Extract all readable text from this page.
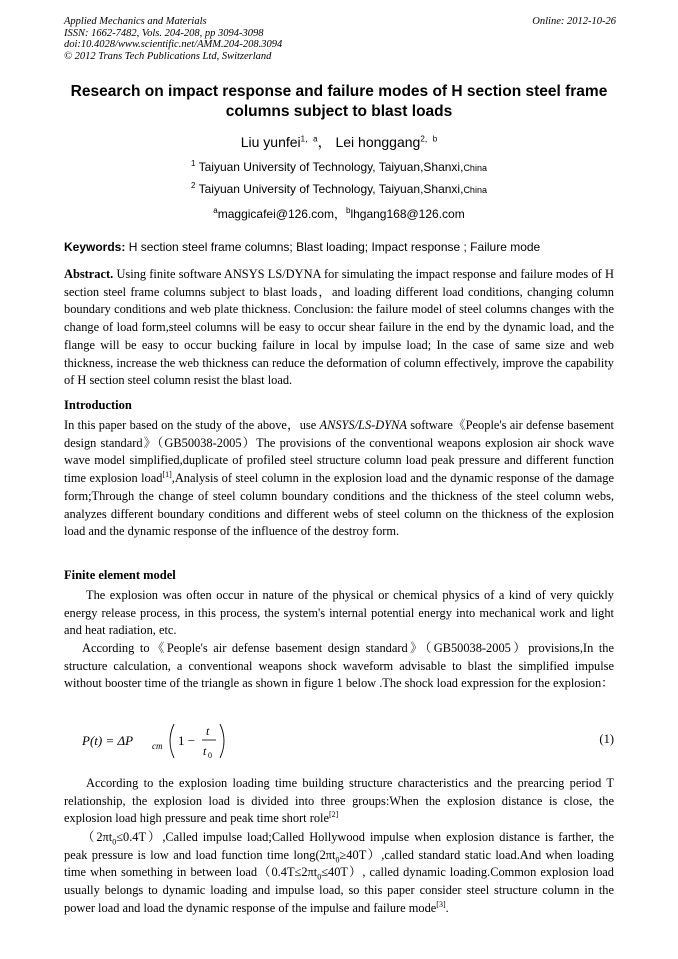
Applied Mechanics and Materials
ISSN: 1662-7482, Vols. 204-208, pp 3094-3098
doi:10.4028/www.scientific.net/AMM.204-208.3094
© 2012 Trans Tech Publications Ltd, Switzerland
Online: 2012-10-26
Research on impact response and failure modes of H section steel frame
columns subject to blast loads
Liu yunfei$^{1,a}$， Lei honggang$^{2,b}$
$^1$ Taiyuan University of Technology, Taiyuan,Shanxi,China
$^2$ Taiyuan University of Technology, Taiyuan,Shanxi,China
$^a$maggicafei@126.com，$^b$lhgang168@126.com
Keywords: H section steel frame columns; Blast loading; Impact response ; Failure mode
Abstract. Using finite software ANSYS LS/DYNA for simulating the impact response and failure modes of H section steel frame columns subject to blast loads，and loading different load conditions, changing column boundary conditions and web plate thickness. Conclusion: the failure model of steel columns changes with the change of load form,steel columns will be easy to occur shear failure in the end by the dynamic load, and the flange will be easy to occur bucking failure in local by impulse load; In the case of same size and web thickness, increase the web thickness can reduce the deformation of column effectively, improve the capability of H section steel column resist the blast load.
Introduction
In this paper based on the study of the above，use ANSYS/LS-DYNA software《People's air defense basement design standard》（GB50038-2005）The provisions of the conventional weapons explosion air shock wave wave model simplified,duplicate of profiled steel structure column load peak pressure and different function time explosion load[1],Analysis of steel column in the explosion load and the dynamic response of the damage form;Through the change of steel column boundary conditions and the thickness of the steel column webs, analyzes different boundary conditions and different webs of steel column on the thickness of the explosion load and the dynamic response of the influence of the destroy form.
Finite element model
The explosion was often occur in nature of the physical or chemical physics of a kind of very quickly energy release process, in this process, the system's internal potential energy into mechanical work and light and heat radiation, etc.
According to《People's air defense basement design standard》（GB50038-2005）provisions,In the structure calculation, a conventional weapons shock waveform advisable to blast the simplified impulse without booster time of the triangle as shown in figure 1 below .The shock load expression for the explosion：
P(t) = ΔP cm 1 −
t
t 0
(1)
According to the explosion loading time building structure characteristics and the prearcing period T relationship, the explosion load is divided into three groups:When the explosion distance is close, the explosion load high pressure and peak time short role[2]
$(2\pi t_0\le 0.4T),Called$ impulse load;Called Hollywood impulse when explosion distance is farther, the peak pressure is low and load function time $long(2\pi t_0\ge 40T),called$ standard static load.And when loading time when something in between $load(0.4T\le 2\pi t_0\le 40T)$, called dynamic loading.Common explosion load usually belongs to dynamic loading and impulse load, so this paper consider steel structure column in the power load and load the dynamic response of the impulse and failure mode[3].
